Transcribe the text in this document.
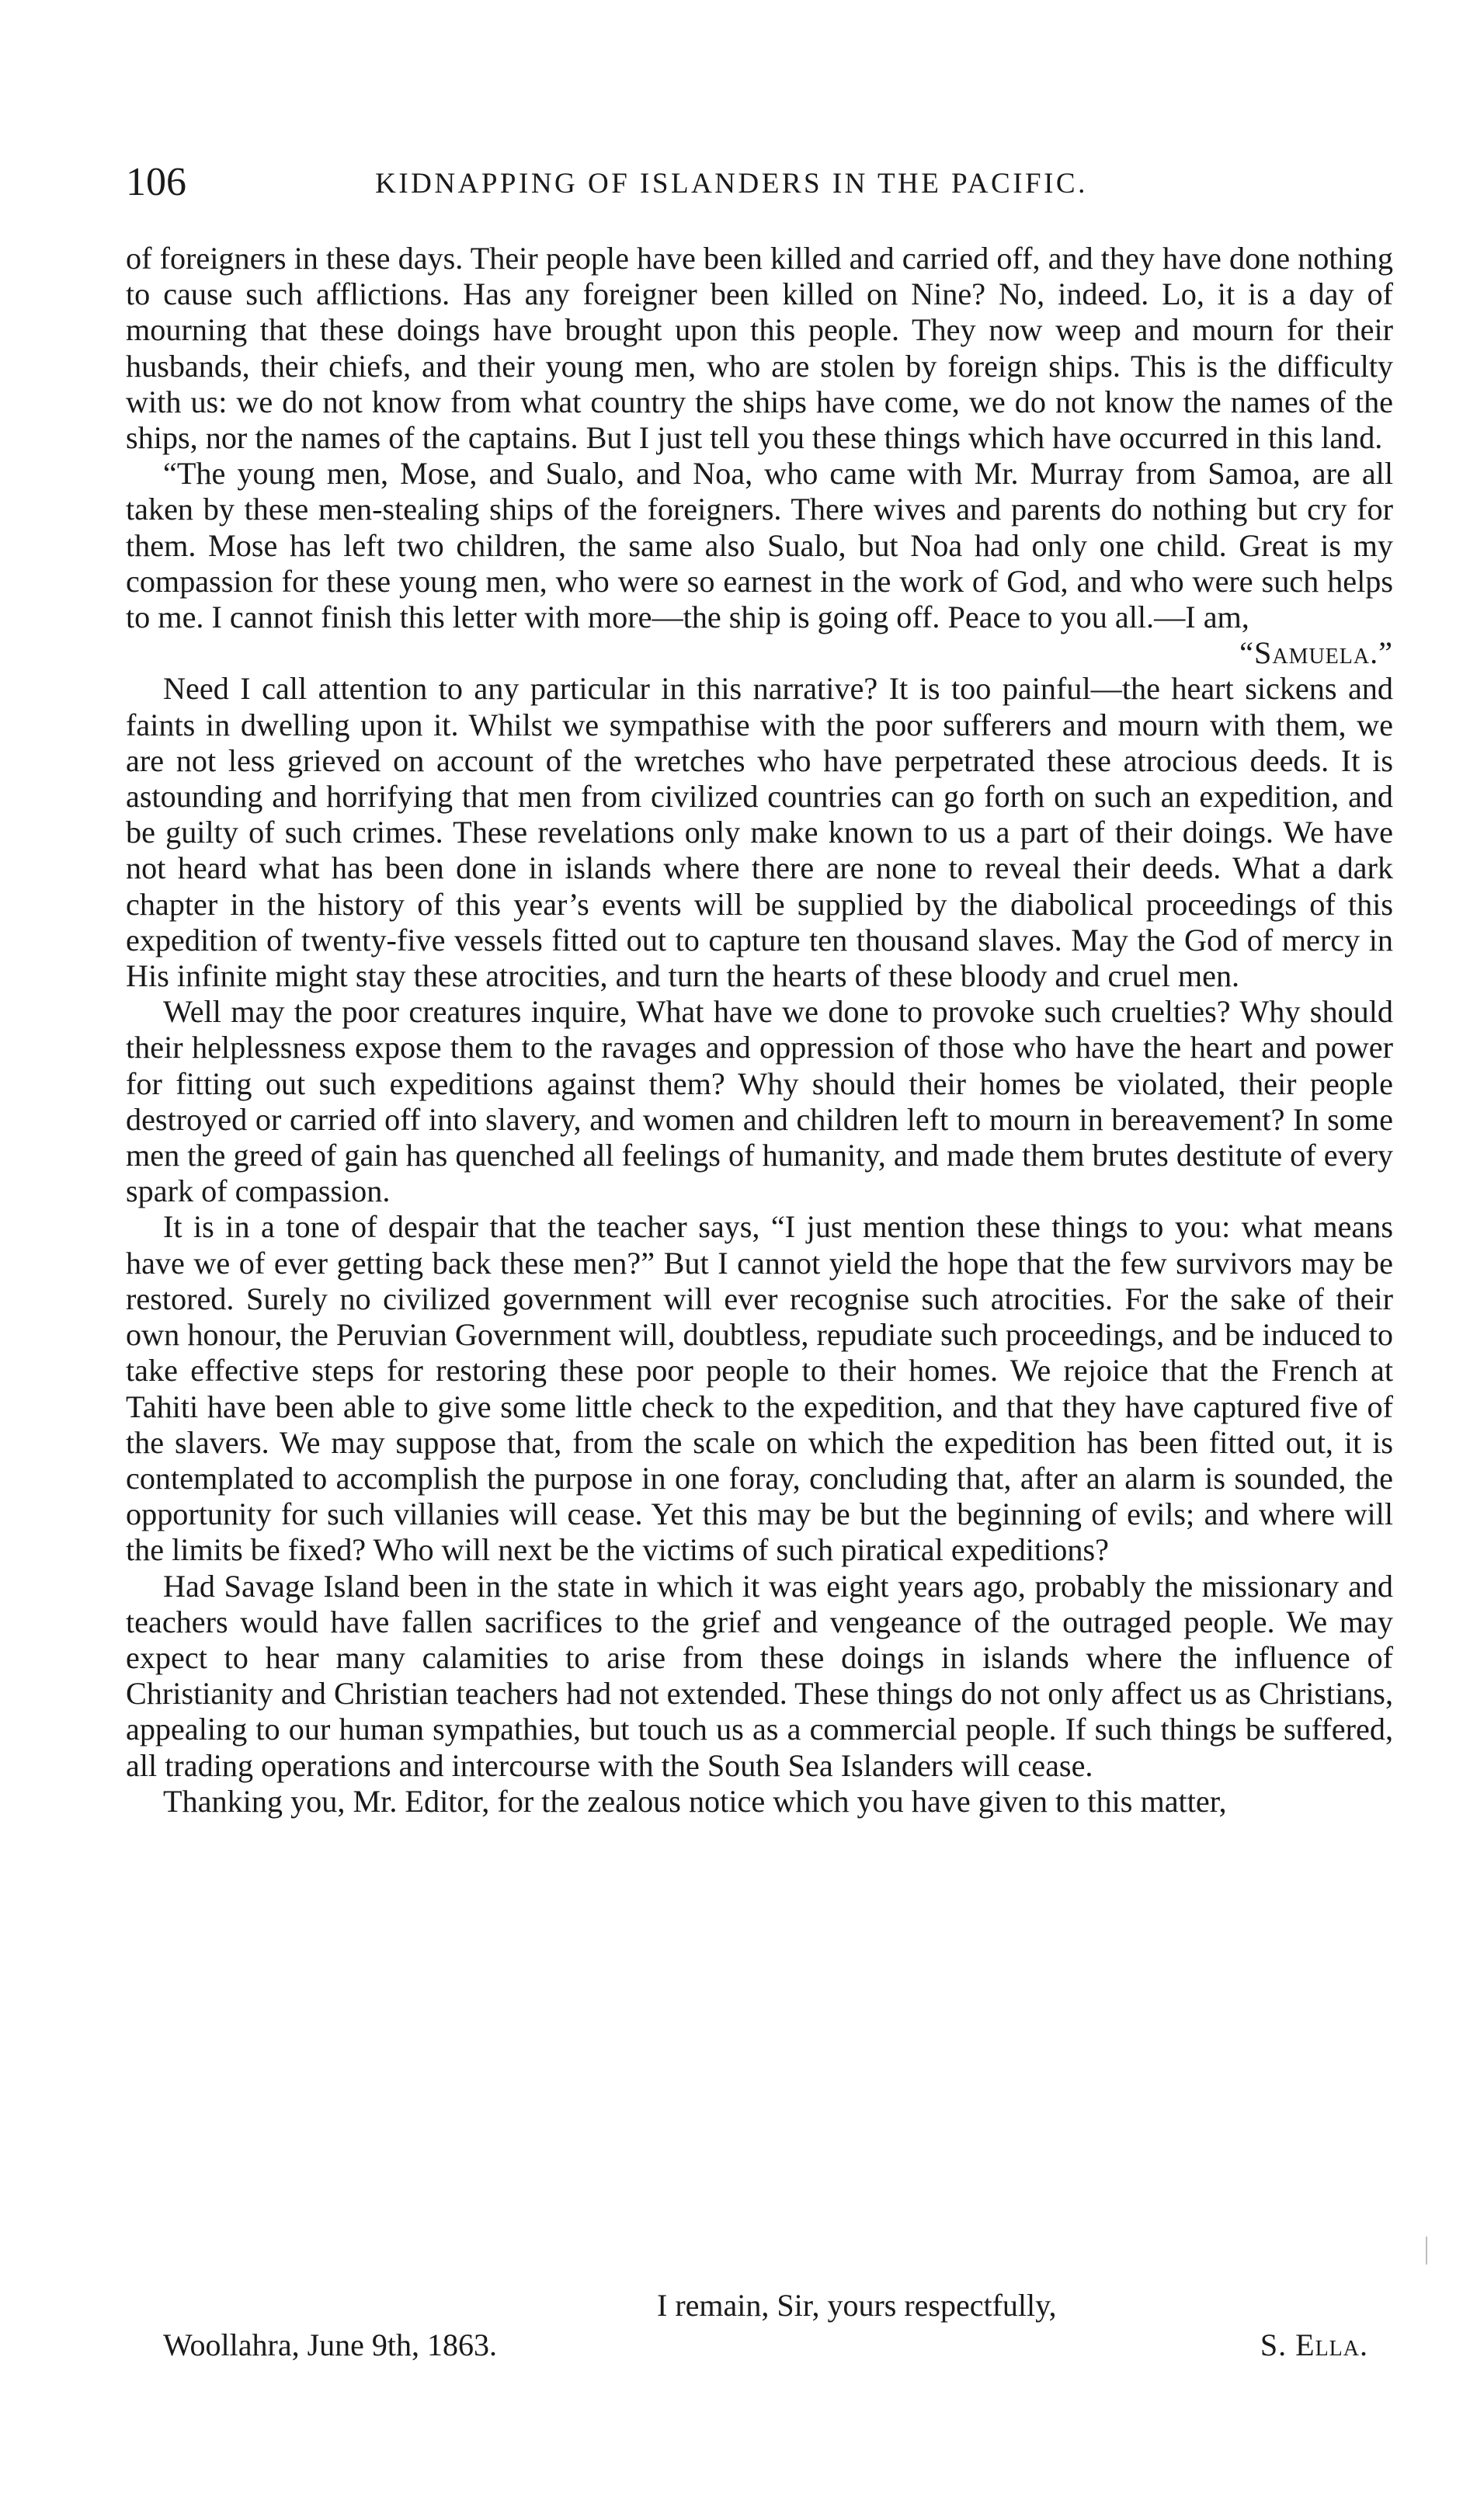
106	KIDNAPPING OF ISLANDERS IN THE PACIFIC.

of foreigners in these days. Their people have been killed and carried off, and they have done nothing to cause such afflictions. Has any foreigner been killed on Nine? No, indeed. Lo, it is a day of mourning that these doings have brought upon this people. They now weep and mourn for their husbands, their chiefs, and their young men, who are stolen by foreign ships. This is the difficulty with us: we do not know from what country the ships have come, we do not know the names of the ships, nor the names of the captains. But I just tell you these things which have occurred in this land.

“The young men, Mose, and Sualo, and Noa, who came with Mr. Murray from Samoa, are all taken by these men-stealing ships of the foreigners. There wives and parents do nothing but cry for them. Mose has left two children, the same also Sualo, but Noa had only one child. Great is my compassion for these young men, who were so earnest in the work of God, and who were such helps to me. I cannot finish this letter with more—the ship is going off. Peace to you all.—I am,
“Samuela.”

Need I call attention to any particular in this narrative? It is too painful—the heart sickens and faints in dwelling upon it. Whilst we sympathise with the poor sufferers and mourn with them, we are not less grieved on account of the wretches who have perpetrated these atrocious deeds. It is astounding and horrifying that men from civilized countries can go forth on such an expedition, and be guilty of such crimes. These revelations only make known to us a part of their doings. We have not heard what has been done in islands where there are none to reveal their deeds. What a dark chapter in the history of this year’s events will be supplied by the diabolical proceedings of this expedition of twenty-five vessels fitted out to capture ten thousand slaves. May the God of mercy in His infinite might stay these atrocities, and turn the hearts of these bloody and cruel men.

Well may the poor creatures inquire, What have we done to provoke such cruelties? Why should their helplessness expose them to the ravages and oppression of those who have the heart and power for fitting out such expeditions against them? Why should their homes be violated, their people destroyed or carried off into slavery, and women and children left to mourn in bereavement? In some men the greed of gain has quenched all feelings of humanity, and made them brutes destitute of every spark of compassion.

It is in a tone of despair that the teacher says, “I just mention these things to you: what means have we of ever getting back these men?” But I cannot yield the hope that the few survivors may be restored. Surely no civilized government will ever recognise such atrocities. For the sake of their own honour, the Peruvian Government will, doubtless, repudiate such proceedings, and be induced to take effective steps for restoring these poor people to their homes. We rejoice that the French at Tahiti have been able to give some little check to the expedition, and that they have captured five of the slavers. We may suppose that, from the scale on which the expedition has been fitted out, it is contemplated to accomplish the purpose in one foray, concluding that, after an alarm is sounded, the opportunity for such villanies will cease. Yet this may be but the beginning of evils; and where will the limits be fixed? Who will next be the victims of such piratical expeditions?

Had Savage Island been in the state in which it was eight years ago, probably the missionary and teachers would have fallen sacrifices to the grief and vengeance of the outraged people. We may expect to hear many calamities to arise from these doings in islands where the influence of Christianity and Christian teachers had not extended. These things do not only affect us as Christians, appealing to our human sympathies, but touch us as a commercial people. If such things be suffered, all trading operations and intercourse with the South Sea Islanders will cease.

Thanking you, Mr. Editor, for the zealous notice which you have given to this matter,

I remain, Sir, yours respectfully,
Woollahra, June 9th, 1863.	S. Ella.
